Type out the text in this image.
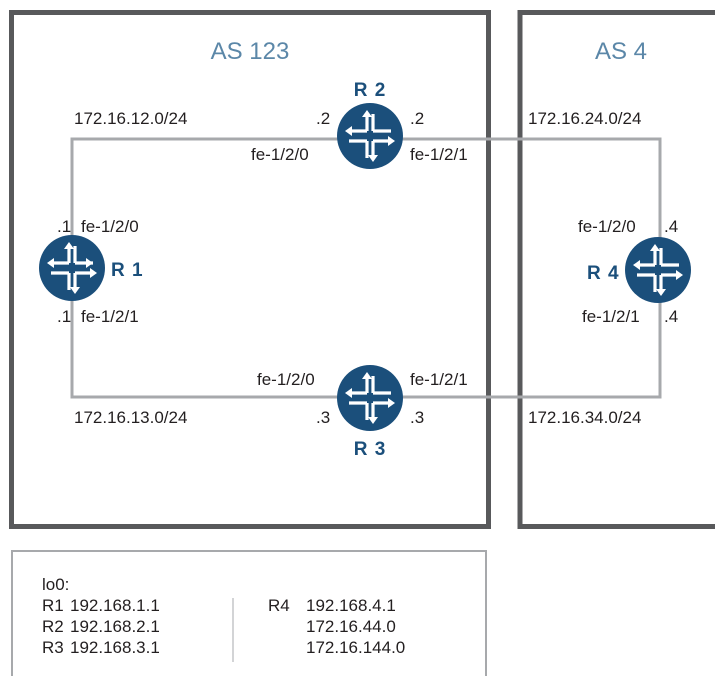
AS 123	AS 4
R 1
R 2
R 3
R 4
172.16.12.0/24
172.16.13.0/24
172.16.24.0/24
172.16.34.0/24
.1 fe-1/2/0
.1 fe-1/2/1
.2
fe-1/2/0
.2
fe-1/2/1
fe-1/2/0
.3
fe-1/2/1
.3
fe-1/2/0 .4
fe-1/2/1 .4
lo0:
R1 192.168.1.1
R2 192.168.2.1
R3 192.168.3.1
R4 192.168.4.1
172.16.44.0
172.16.144.0
